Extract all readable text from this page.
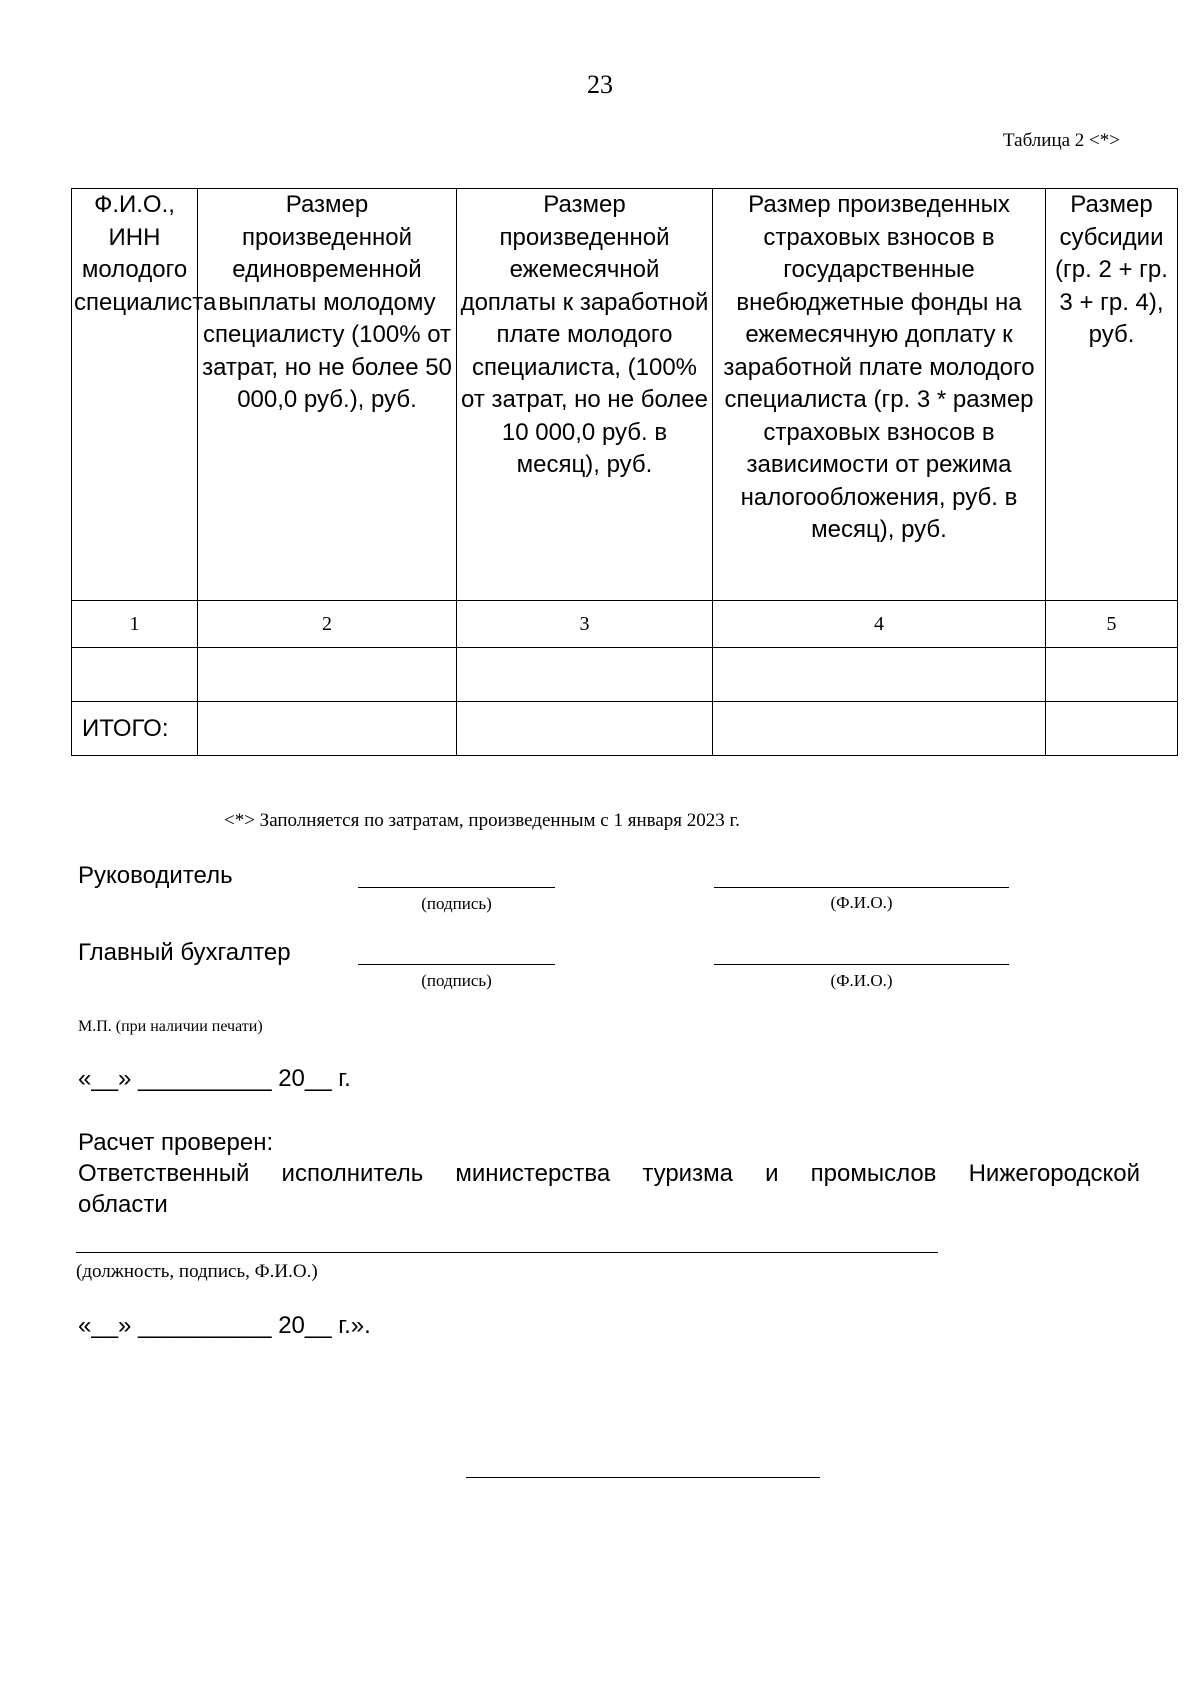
23
Таблица 2 <*>
Ф.И.О., ИНН молодого специалиста	Размер произведенной единовременной выплаты молодому специалисту (100% от затрат, но не более 50 000,0 руб.), руб.	Размер произведенной ежемесячной доплаты к заработной плате молодого специалиста, (100% от затрат, но не более 10 000,0 руб. в месяц), руб.	Размер произведенных страховых взносов в государственные внебюджетные фонды на ежемесячную доплату к заработной плате молодого специалиста (гр. 3 * размер страховых взносов в зависимости от режима налогообложения, руб. в месяц), руб.	Размер субсидии (гр. 2 + гр. 3 + гр. 4), руб.

1	2	3	4	5

ИТОГО:				
<*> Заполняется по затратам, произведенным с 1 января 2023 г.
Руководитель
(подпись)	(Ф.И.О.)
Главный бухгалтер
(подпись)	(Ф.И.О.)
М.П. (при наличии печати)
«__» __________ 20__ г.
Расчет проверен:
Ответственный исполнитель министерства туризма и промыслов Нижегородской
области
(должность, подпись, Ф.И.О.)
«__» __________ 20__ г.».
